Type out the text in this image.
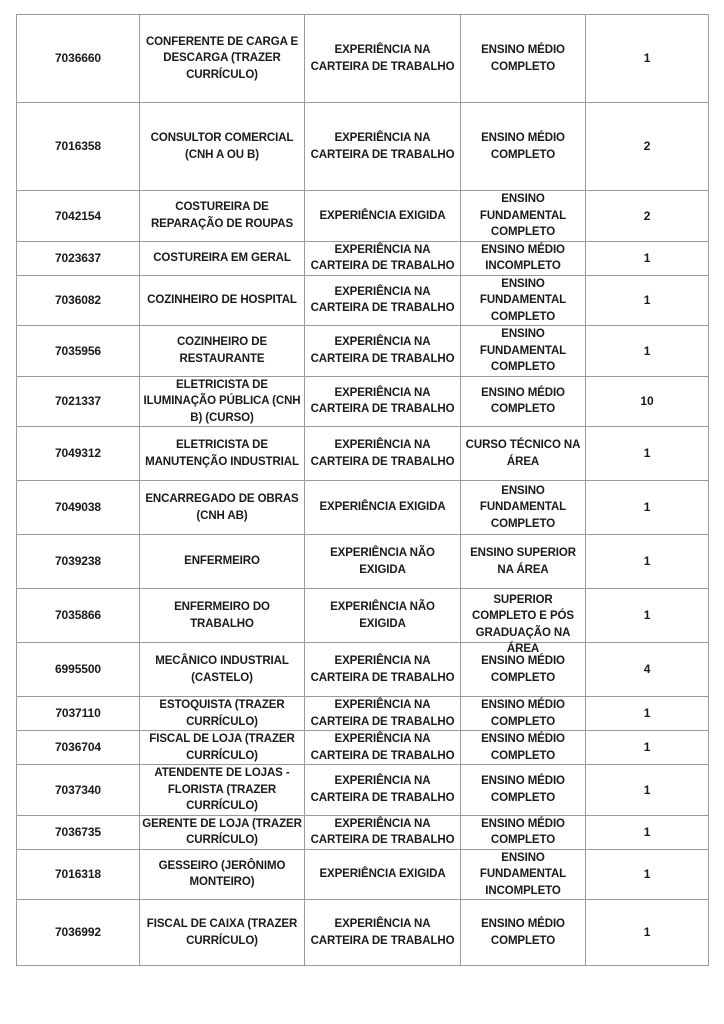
7036660	CONFERENTE DE CARGA E DESCARGA (TRAZER CURRÍCULO)	EXPERIÊNCIA NA CARTEIRA DE TRABALHO	ENSINO MÉDIO COMPLETO	1
7016358	CONSULTOR COMERCIAL (CNH A OU B)	EXPERIÊNCIA NA CARTEIRA DE TRABALHO	ENSINO MÉDIO COMPLETO	2
7042154	COSTUREIRA DE REPARAÇÃO DE ROUPAS	EXPERIÊNCIA EXIGIDA	ENSINO FUNDAMENTAL COMPLETO	2
7023637	COSTUREIRA EM GERAL	EXPERIÊNCIA NA CARTEIRA DE TRABALHO	ENSINO MÉDIO INCOMPLETO	1
7036082	COZINHEIRO DE HOSPITAL	EXPERIÊNCIA NA CARTEIRA DE TRABALHO	ENSINO FUNDAMENTAL COMPLETO	1
7035956	COZINHEIRO DE RESTAURANTE	EXPERIÊNCIA NA CARTEIRA DE TRABALHO	ENSINO FUNDAMENTAL COMPLETO	1
7021337	ELETRICISTA DE ILUMINAÇÃO PÚBLICA (CNH B) (CURSO)	EXPERIÊNCIA NA CARTEIRA DE TRABALHO	ENSINO MÉDIO COMPLETO	10
7049312	ELETRICISTA DE MANUTENÇÃO INDUSTRIAL	EXPERIÊNCIA NA CARTEIRA DE TRABALHO	CURSO TÉCNICO NA ÁREA	1
7049038	ENCARREGADO DE OBRAS (CNH AB)	EXPERIÊNCIA EXIGIDA	ENSINO FUNDAMENTAL COMPLETO	1
7039238	ENFERMEIRO	EXPERIÊNCIA NÃO EXIGIDA	ENSINO SUPERIOR NA ÁREA	1
7035866	ENFERMEIRO DO TRABALHO	EXPERIÊNCIA NÃO EXIGIDA	SUPERIOR COMPLETO E PÓS GRADUAÇÃO NA ÁREA	1
6995500	MECÂNICO INDUSTRIAL (CASTELO)	EXPERIÊNCIA NA CARTEIRA DE TRABALHO	ENSINO MÉDIO COMPLETO	4
7037110	ESTOQUISTA (TRAZER CURRÍCULO)	EXPERIÊNCIA NA CARTEIRA DE TRABALHO	ENSINO MÉDIO COMPLETO	1
7036704	FISCAL DE LOJA (TRAZER CURRÍCULO)	EXPERIÊNCIA NA CARTEIRA DE TRABALHO	ENSINO MÉDIO COMPLETO	1
7037340	ATENDENTE DE LOJAS - FLORISTA (TRAZER CURRÍCULO)	EXPERIÊNCIA NA CARTEIRA DE TRABALHO	ENSINO MÉDIO COMPLETO	1
7036735	GERENTE DE LOJA (TRAZER CURRÍCULO)	EXPERIÊNCIA NA CARTEIRA DE TRABALHO	ENSINO MÉDIO COMPLETO	1
7016318	GESSEIRO (JERÔNIMO MONTEIRO)	EXPERIÊNCIA EXIGIDA	ENSINO FUNDAMENTAL INCOMPLETO	1
7036992	FISCAL DE CAIXA (TRAZER CURRÍCULO)	EXPERIÊNCIA NA CARTEIRA DE TRABALHO	ENSINO MÉDIO COMPLETO	1
